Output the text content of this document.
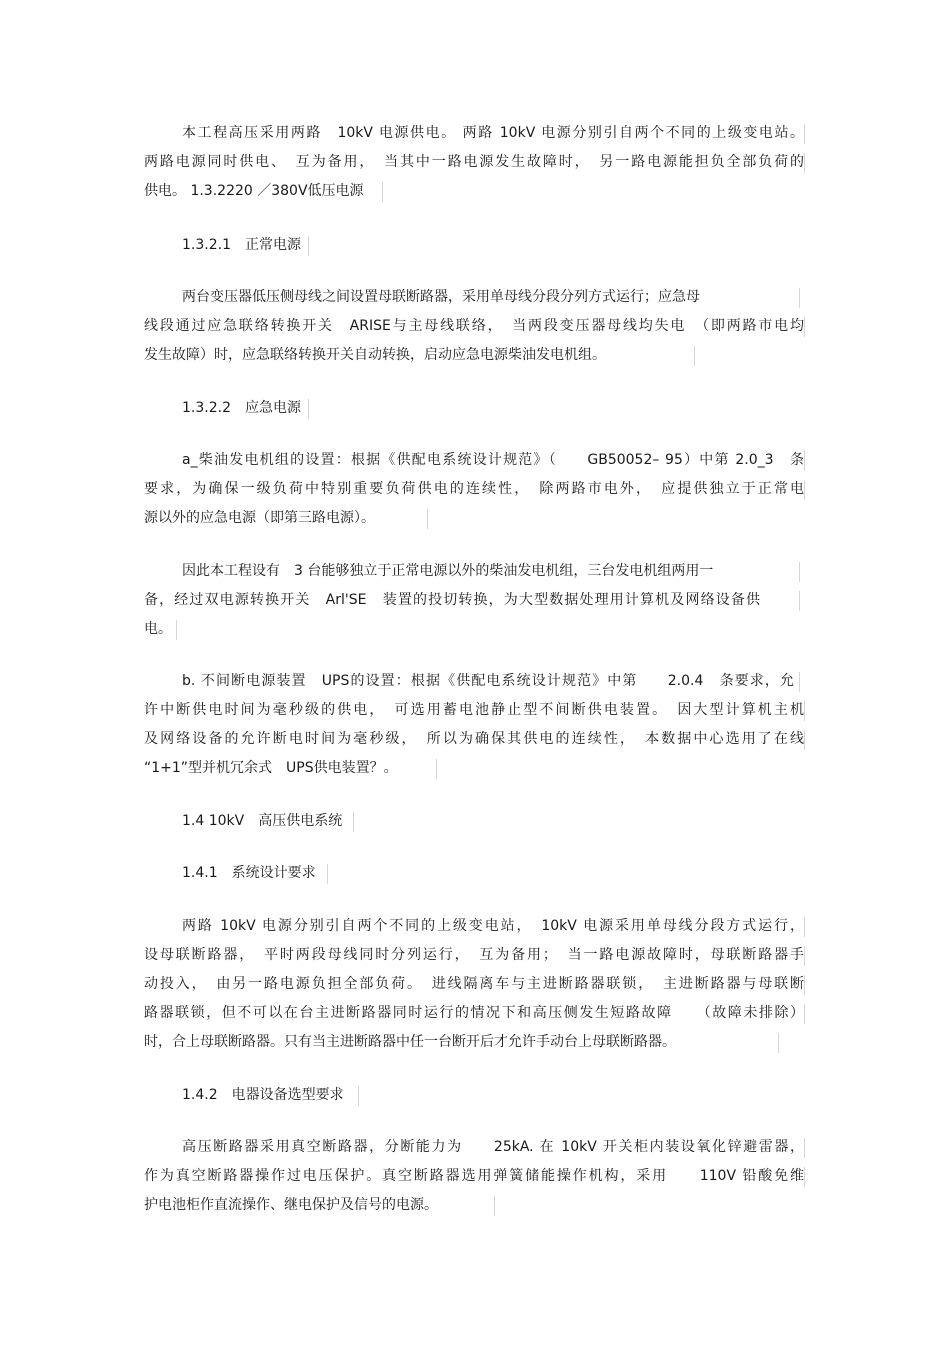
本工程高压采用两路　10kV 电源供电。 两路 10kV 电源分别引自两个不同的上级变电站。
两路电源同时供电、　互为备用，　当其中一路电源发生故障时，　另一路电源能担负全部负荷的
供电。 1.3.2220 ／380V低压电源
1.3.2.1　正常电源
两台变压器低压侧母线之间设置母联断路器，采用单母线分段分列方式运行；应急母
线段通过应急联络转换开关　ARISE与主母线联络，　当两段变压器母线均失电　（即两路市电均
发生故障）时，应急联络转换开关自动转换，启动应急电源柴油发电机组。
1.3.2.2　应急电源
a_柴油发电机组的设置：根据《供配电系统设计规范》（　　GB50052– 95）中第 2.0_3　条
要求，为确保一级负荷中特别重要负荷供电的连续性，　除两路市电外，　应提供独立于正常电
源以外的应急电源（即第三路电源）。
因此本工程设有　3 台能够独立于正常电源以外的柴油发电机组，三台发电机组两用一
备，经过双电源转换开关　Arl'SE　装置的投切转换，为大型数据处理用计算机及网络设备供
电。
b. 不间断电源装置　UPS的设置：根据《供配电系统设计规范》中第　　2.0.4　条要求，允
许中断供电时间为毫秒级的供电，　可选用蓄电池静止型不间断供电装置。　因大型计算机主机
及网络设备的允许断电时间为毫秒级，　所以为确保其供电的连续性，　本数据中心选用了在线
“1+1”型并机冗余式　UPS供电装置？。
1.4 10kV　高压供电系统
1.4.1　系统设计要求
两路 10kV 电源分别引自两个不同的上级变电站，　10kV 电源采用单母线分段方式运行，
设母联断路器，　平时两段母线同时分列运行，　互为备用；　当一路电源故障时，母联断路器手
动投入，　由另一路电源负担全部负荷。　进线隔离车与主进断路器联锁，　主进断路器与母联断
路器联锁，但不可以在台主进断路器同时运行的情况下和高压侧发生短路故障　　（故障未排除）
时，合上母联断路器。只有当主进断路器中任一台断开后才允许手动台上母联断路器。
1.4.2　电器设备选型要求
高压断路器采用真空断路器，分断能力为　　25kA. 在 10kV 开关柜内装设氧化锌避雷器，
作为真空断路器操作过电压保护。真空断路器选用弹簧储能操作机构，采用　　110V 铅酸免维
护电池柜作直流操作、继电保护及信号的电源。
